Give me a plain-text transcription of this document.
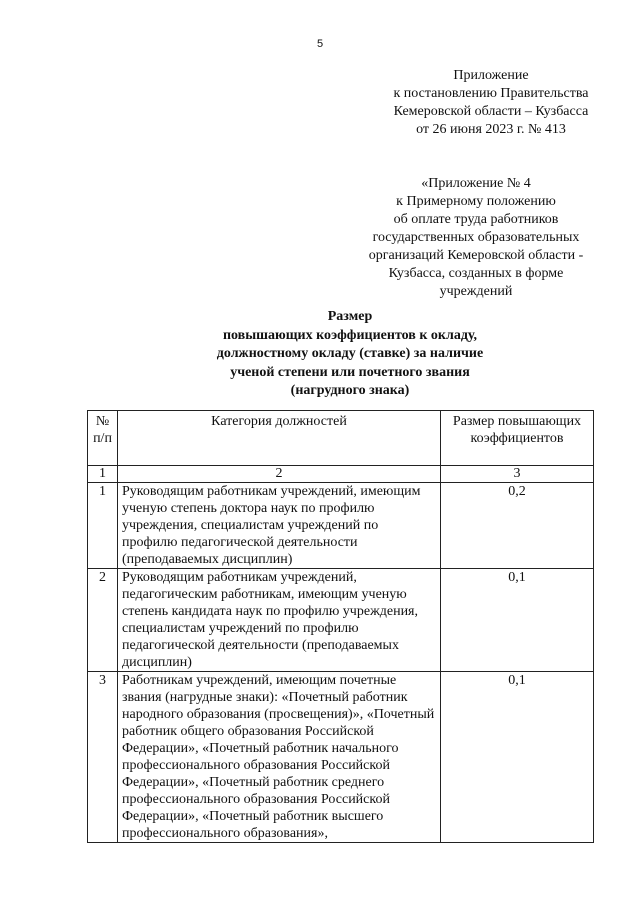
5
Приложение
к постановлению Правительства
Кемеровской области – Кузбасса
от 26 июня 2023 г. № 413
«Приложение № 4
к Примерному положению
об оплате труда работников
государственных образовательных
организаций Кемеровской области -
Кузбасса, созданных в форме
учреждений
Размер
повышающих коэффициентов к окладу,
должностному окладу (ставке) за наличие
ученой степени или почетного звания
(нагрудного знака)
№ п/п	Категория должностей	Размер повышающих коэффициентов
1	2	3
1	Руководящим работникам учреждений, имеющим ученую степень доктора наук по профилю учреждения, специалистам учреждений по профилю педагогической деятельности (преподаваемых дисциплин)	0,2
2	Руководящим работникам учреждений, педагогическим работникам, имеющим ученую степень кандидата наук по профилю учреждения, специалистам учреждений по профилю педагогической деятельности (преподаваемых дисциплин)	0,1
3	Работникам учреждений, имеющим почетные звания (нагрудные знаки): «Почетный работник народного образования (просвещения)», «Почетный работник общего образования Российской Федерации», «Почетный работник начального профессионального образования Российской Федерации», «Почетный работник среднего профессионального образования Российской Федерации», «Почетный работник высшего профессионального образования»,	0,1
